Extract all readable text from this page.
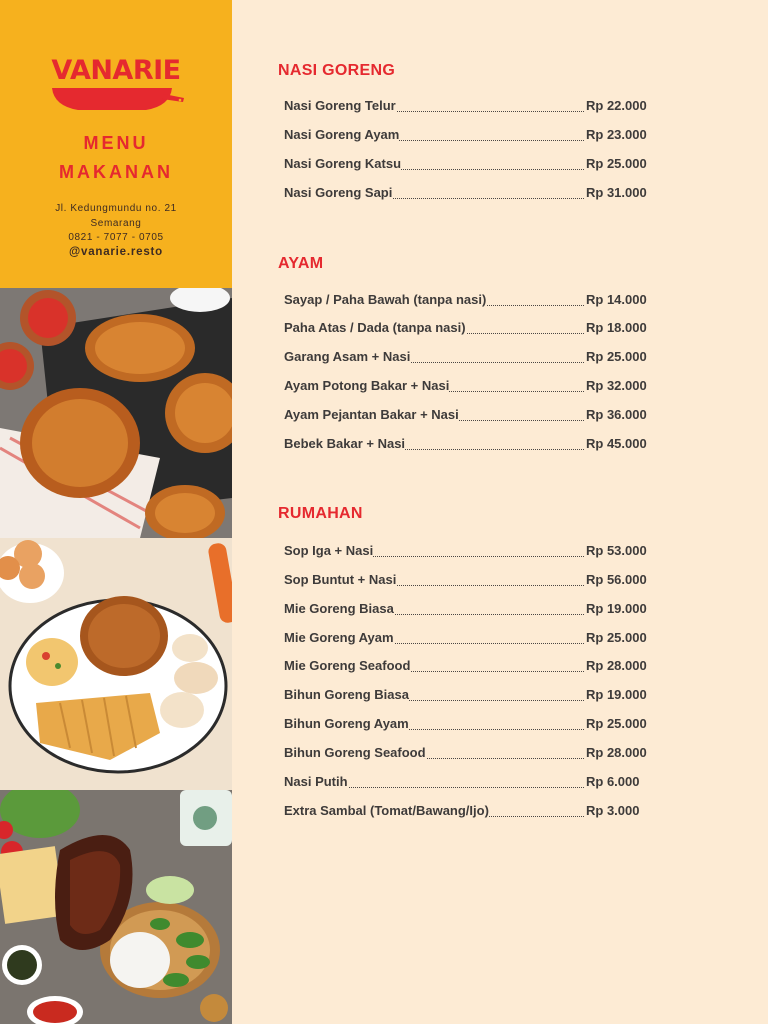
VANARIE
MENU
MAKANAN
Jl. Kedungmundu no. 21
Semarang
0821 - 7077 - 0705
@vanarie.resto
NASI GORENG
Nasi Goreng Telur	Rp 22.000
Nasi Goreng Ayam	Rp 23.000
Nasi Goreng Katsu	Rp 25.000
Nasi Goreng Sapi	Rp 31.000
AYAM
Sayap / Paha Bawah (tanpa nasi)	Rp 14.000
Paha Atas / Dada (tanpa nasi)	Rp 18.000
Garang Asam + Nasi	Rp 25.000
Ayam Potong Bakar + Nasi	Rp 32.000
Ayam Pejantan Bakar + Nasi	Rp 36.000
Bebek Bakar + Nasi	Rp 45.000
RUMAHAN
Sop Iga + Nasi	Rp 53.000
Sop Buntut + Nasi	Rp 56.000
Mie Goreng Biasa	Rp 19.000
Mie Goreng Ayam	Rp 25.000
Mie Goreng Seafood	Rp 28.000
Bihun Goreng Biasa	Rp 19.000
Bihun Goreng Ayam	Rp 25.000
Bihun Goreng Seafood	Rp 28.000
Nasi Putih	Rp 6.000
Extra Sambal (Tomat/Bawang/Ijo)	Rp 3.000
